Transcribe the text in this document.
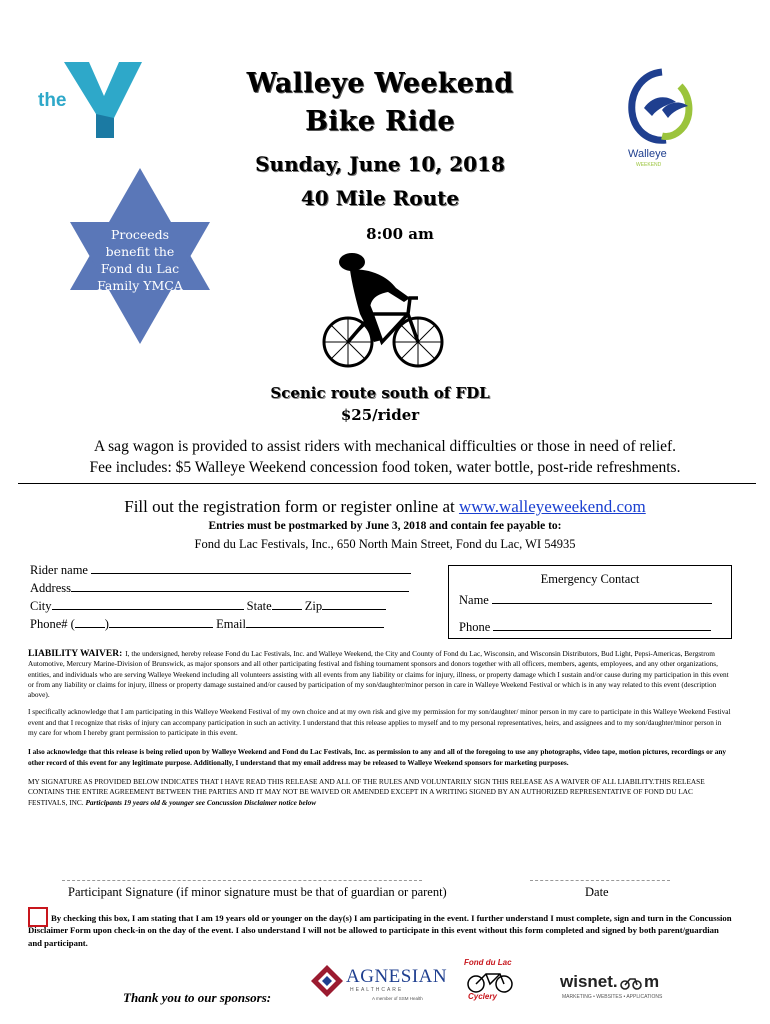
the
YMCA
Walleye
WEEKEND
Walleye Weekend
Bike Ride
Sunday, June 10, 2018
40 Mile Route
8:00 am
Proceeds
benefit the
Fond du Lac
Family YMCA
Scenic route south of FDL
$25/rider
A sag wagon is provided to assist riders with mechanical difficulties or those in need of relief.
Fee includes: $5 Walleye Weekend concession food token, water bottle, post-ride refreshments.
Fill out the registration form or register online at www.walleyeweekend.com
Entries must be postmarked by June 3, 2018 and contain fee payable to:
Fond du Lac Festivals, Inc., 650 North Main Street, Fond du Lac, WI 54935
Rider name
Address
City	State	Zip
Phone# ( )	Email
Emergency Contact
Name
Phone
LIABILITY WAIVER: I, the undersigned, hereby release Fond du Lac Festivals, Inc. and Walleye Weekend, the City and County of Fond du Lac, Wisconsin, and Wisconsin Distributors, Bud Light, Pepsi-Americas, Bergstrom Automotive, Mercury Marine-Division of Brunswick, as major sponsors and all other participating festival and fishing tournament sponsors and donors together with all officers, members, agents, employees, and any other organizations, entities, and individuals who are serving Walleye Weekend including all volunteers assisting with all events from any liability or claims for injury, illness, or property damage which I sustain and/or cause during my participation in this event or from any liability or claims for injury, illness or property damage sustained and/or caused by participation of my son/daughter/minor person in care in Walleye Weekend Festival or which is in any way related to this event (description above).
I specifically acknowledge that I am participating in this Walleye Weekend Festival of my own choice and at my own risk and give my permission for my son/daughter/ minor person in my care to participate in this Walleye Weekend Festival event and that I recognize that risks of injury can accompany participation in such an activity. I understand that this release applies to myself and to my personal representatives, heirs, and assignees and to my son/daughter/minor person in my care for whom I hereby grant permission to participate in this event.
I also acknowledge that this release is being relied upon by Walleye Weekend and Fond du Lac Festivals, Inc. as permission to any and all of the foregoing to use any photographs, video tape, motion pictures, recordings or any other record of this event for any legitimate purpose. Additionally, I understand that my email address may be released to Walleye Weekend sponsors for marketing purposes.
MY SIGNATURE AS PROVIDED BELOW INDICATES THAT I HAVE READ THIS RELEASE AND ALL OF THE RULES AND VOLUNTARILY SIGN THIS RELEASE AS A WAIVER OF ALL LIABILITY.THIS RELEASE CONTAINS THE ENTIRE AGREEMENT BETWEEN THE PARTIES AND IT MAY NOT BE WAIVED OR AMENDED EXCEPT IN A WRITING SIGNED BY AN AUTHORIZED REPRESENTATIVE OF FOND DU LAC FESTIVALS, INC. Participants 19 years old & younger see Concussion Disclaimer notice below
Participant Signature (if minor signature must be that of guardian or parent)	Date
By checking this box, I am stating that I am 19 years old or younger on the day(s) I am participating in the event. I further understand I must complete, sign and turn in the Concussion Disclaimer Form upon check-in on the day of the event. I also understand I will not be allowed to participate in this event without this form completed and signed by both parent/guardian and participant.
Thank you to our sponsors:
AGNESIAN
HEALTHCARE
A member of SSM Health
Fond du Lac
Cyclery
wisnet. m
MARKETING • WEBSITES • APPLICATIONS
